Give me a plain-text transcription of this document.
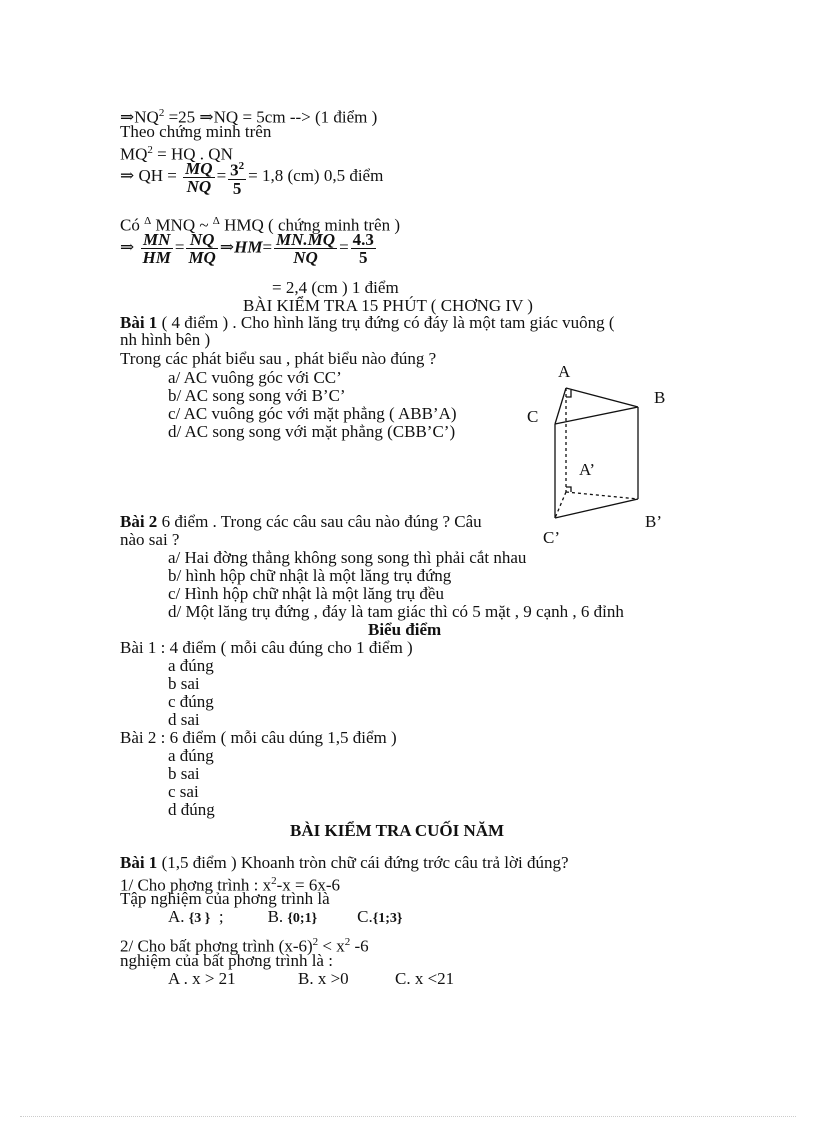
$\Rightarrow NQ^2 =25$ ⇒NQ = 5cm --> (1 điểm )
Theo chứng minh trên
$MQ^2$ = HQ . QN
⇒ QH = $\frac{MQ}{NQ} = \frac{3^2}{5} = 1,8$ (cm) 0,5 điểm
Có $^\Delta$ MNQ ~ $^\Delta$ HMQ ( chứng minh trên )
⇒ $\frac{MN}{HM} = \frac{NQ}{MQ}$ ⇒HM= $\frac{MN.MQ}{NQ} = \frac{4.3}{5}$
= 2,4 (cm ) 1 điểm
BÀI KIỂM TRA 15 PHÚT ( CHƠNG IV )
Bài 1 ( 4 điểm ) . Cho hình lăng trụ đứng có đáy là một tam giác vuông (
nh hình bên )
Trong các phát biểu sau , phát biểu nào đúng ?
a/ AC vuông góc với CC’
b/ AC song song với B’C’
c/ AC vuông góc với mặt phẳng ( ABB’A)
d/ AC song song với mặt phẳng (CBB’C’)
A
B
C
A’
B’
C’
Bài 2 6 điểm . Trong các câu sau câu nào đúng ? Câu
nào sai ?
a/ Hai đờng thẳng không song song thì phải cắt nhau
b/ hình hộp chữ nhật là một lăng trụ đứng
c/ Hình hộp chữ nhật là một lăng trụ đều
d/ Một lăng trụ đứng , đáy là tam giác thì có 5 mặt , 9 cạnh , 6 đỉnh
Biểu điểm
Bài 1 : 4 điểm ( mỗi câu đúng cho 1 điểm )
a đúng
b sai
c đúng
d sai
Bài 2 : 6 điểm ( mỗi câu dúng 1,5 điểm )
a đúng
b sai
c sai
d đúng
BÀI KIỂM TRA CUỐI NĂM
Bài 1 (1,5 điểm ) Khoanh tròn chữ cái đứng trớc câu trả lời đúng?
1/ Cho phơng trình : $x^2-x = 6x-6$
Tập nghiệm của phơng trình là
A. {3 } ;	B. {0;1} C.{1;3}
2/ Cho bất phơng trình $(x-6)^2 < x^2$ -6
nghiệm của bất phơng trình là :
A . x > 21	B. x >0	C. x <21
